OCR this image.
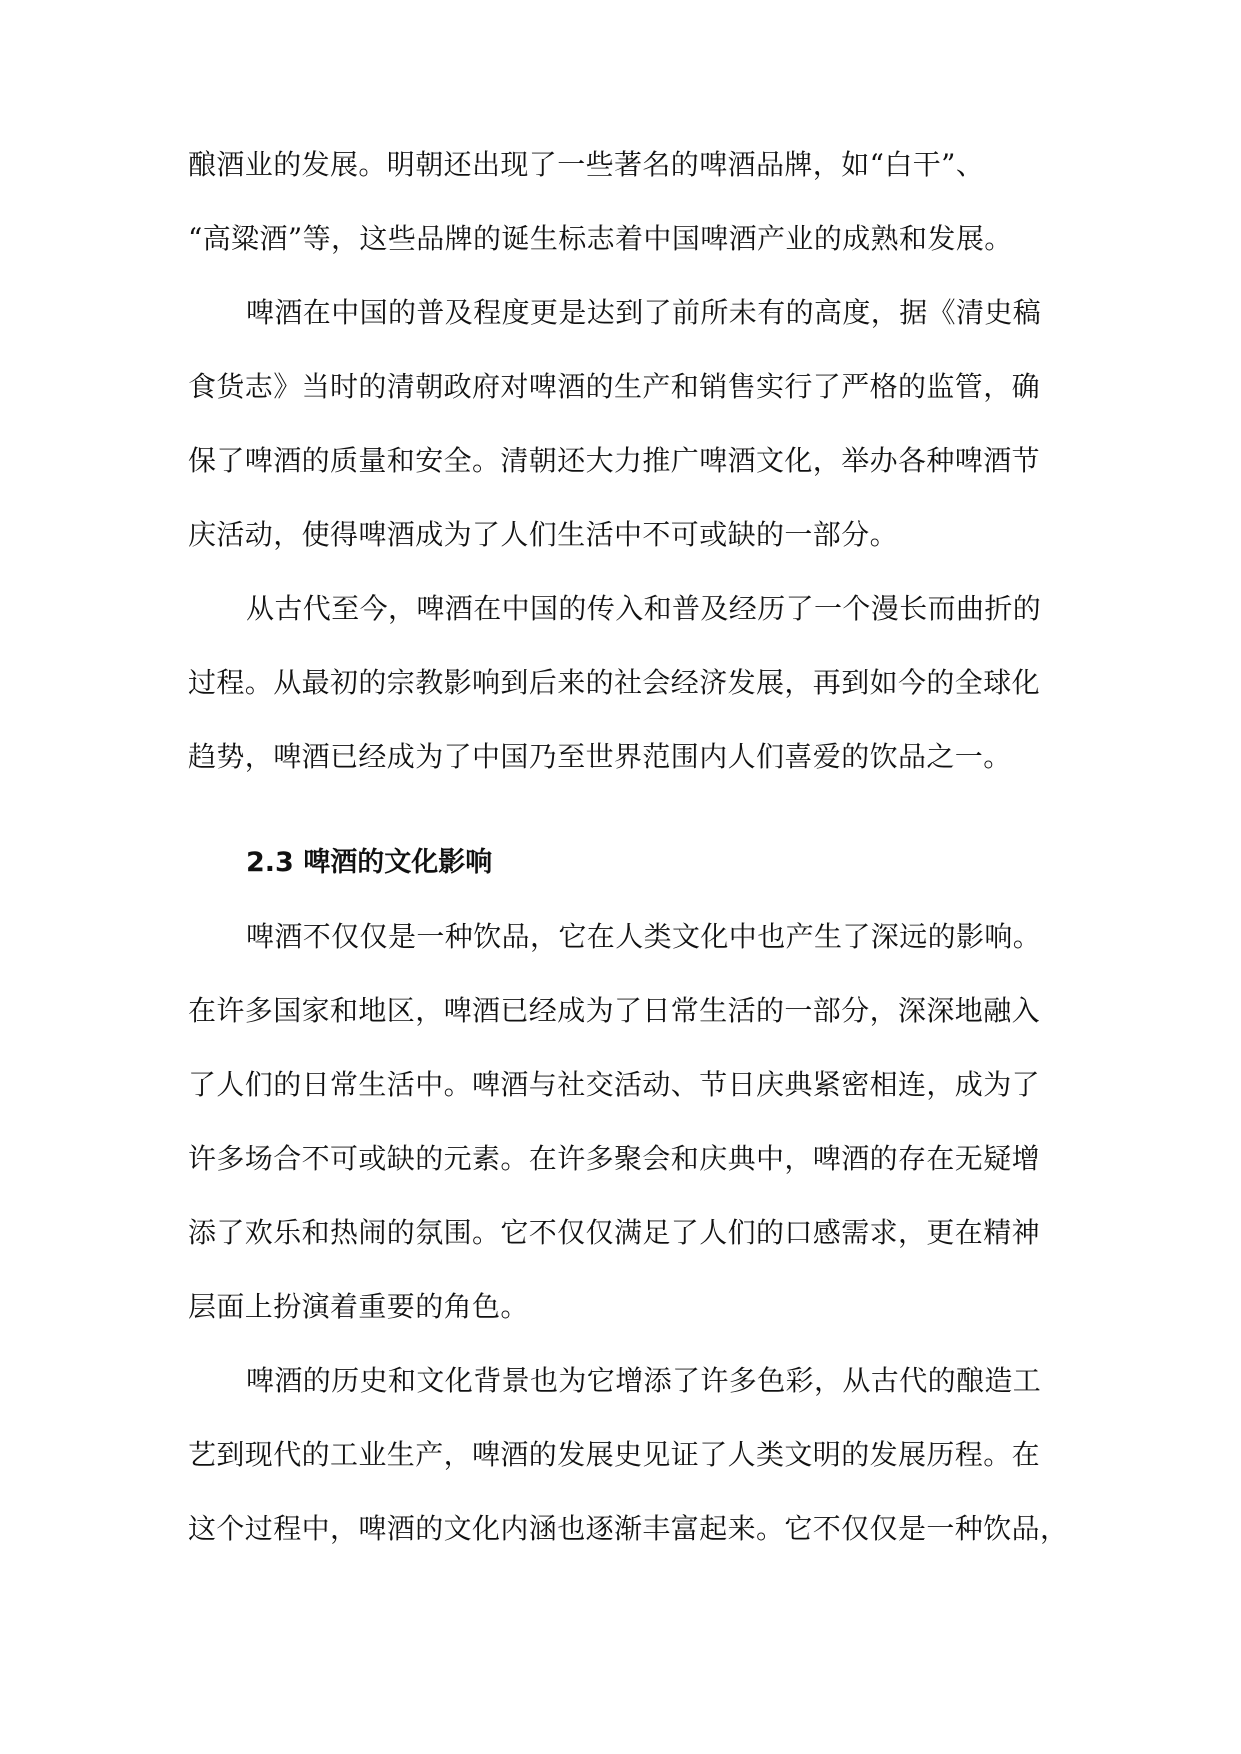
酿酒业的发展。明朝还出现了一些著名的啤酒品牌，如“白干”、
“高粱酒”等，这些品牌的诞生标志着中国啤酒产业的成熟和发展。
啤酒在中国的普及程度更是达到了前所未有的高度，据《清史稿
食货志》当时的清朝政府对啤酒的生产和销售实行了严格的监管，确
保了啤酒的质量和安全。清朝还大力推广啤酒文化，举办各种啤酒节
庆活动，使得啤酒成为了人们生活中不可或缺的一部分。
从古代至今，啤酒在中国的传入和普及经历了一个漫长而曲折的
过程。从最初的宗教影响到后来的社会经济发展，再到如今的全球化
趋势，啤酒已经成为了中国乃至世界范围内人们喜爱的饮品之一。
2.3 啤酒的文化影响
啤酒不仅仅是一种饮品，它在人类文化中也产生了深远的影响。
在许多国家和地区，啤酒已经成为了日常生活的一部分，深深地融入
了人们的日常生活中。啤酒与社交活动、节日庆典紧密相连，成为了
许多场合不可或缺的元素。在许多聚会和庆典中，啤酒的存在无疑增
添了欢乐和热闹的氛围。它不仅仅满足了人们的口感需求，更在精神
层面上扮演着重要的角色。
啤酒的历史和文化背景也为它增添了许多色彩，从古代的酿造工
艺到现代的工业生产，啤酒的发展史见证了人类文明的发展历程。在
这个过程中，啤酒的文化内涵也逐渐丰富起来。它不仅仅是一种饮品，
